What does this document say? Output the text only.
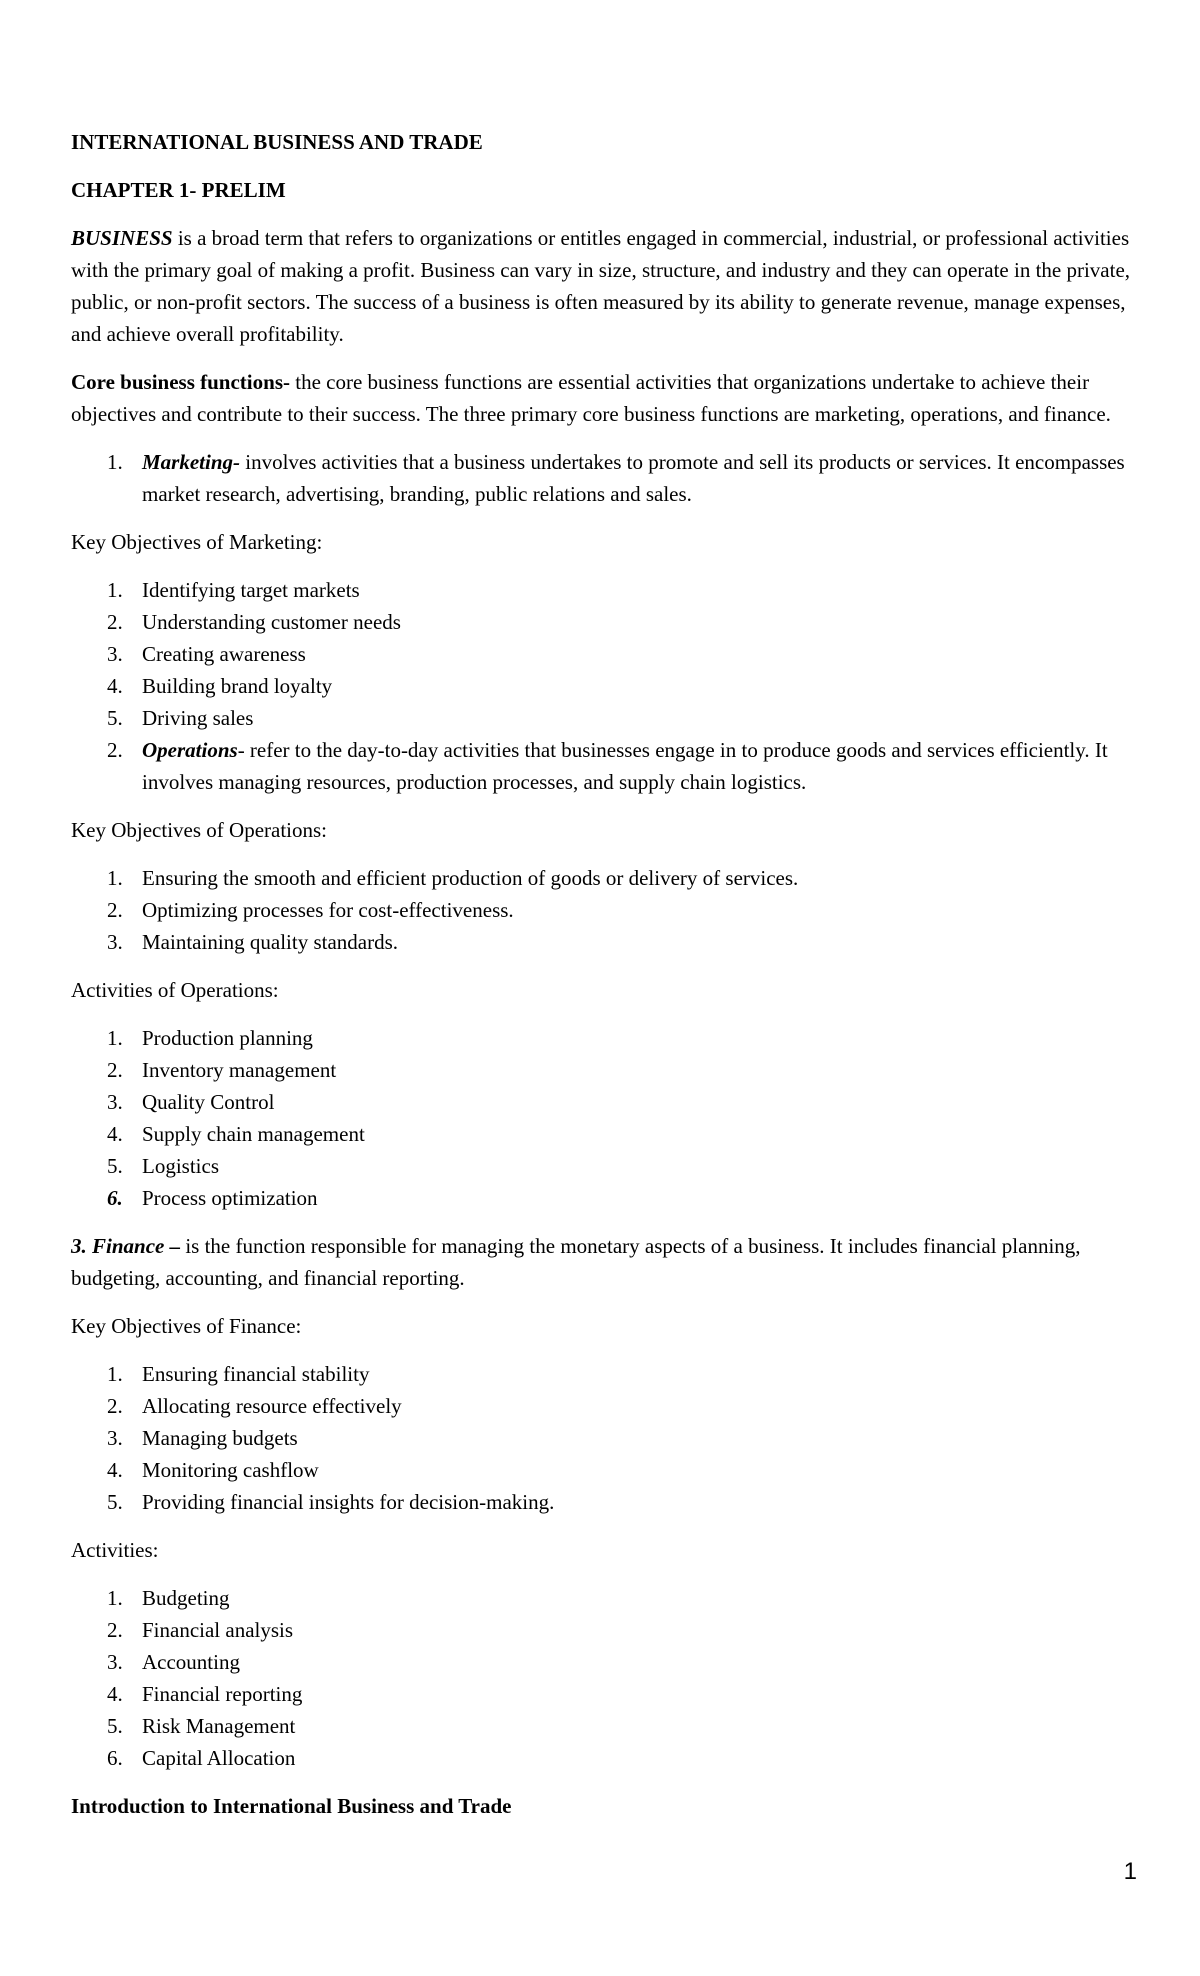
INTERNATIONAL BUSINESS AND TRADE
CHAPTER 1- PRELIM

BUSINESS is a broad term that refers to organizations or entitles engaged in commercial, industrial, or professional activities with the primary goal of making a profit. Business can vary in size, structure, and industry and they can operate in the private, public, or non-profit sectors. The success of a business is often measured by its ability to generate revenue, manage expenses, and achieve overall profitability.

Core business functions- the core business functions are essential activities that organizations undertake to achieve their objectives and contribute to their success. The three primary core business functions are marketing, operations, and finance.

1. Marketing- involves activities that a business undertakes to promote and sell its products or services. It encompasses market research, advertising, branding, public relations and sales.

Key Objectives of Marketing:

1. Identifying target markets
2. Understanding customer needs
3. Creating awareness
4. Building brand loyalty
5. Driving sales
2. Operations- refer to the day-to-day activities that businesses engage in to produce goods and services efficiently. It involves managing resources, production processes, and supply chain logistics.

Key Objectives of Operations:

1. Ensuring the smooth and efficient production of goods or delivery of services.
2. Optimizing processes for cost-effectiveness.
3. Maintaining quality standards.

Activities of Operations:

1. Production planning
2. Inventory management
3. Quality Control
4. Supply chain management
5. Logistics
6. Process optimization

3. Finance – is the function responsible for managing the monetary aspects of a business. It includes financial planning, budgeting, accounting, and financial reporting.

Key Objectives of Finance:

1. Ensuring financial stability
2. Allocating resource effectively
3. Managing budgets
4. Monitoring cashflow
5. Providing financial insights for decision-making.

Activities:

1. Budgeting
2. Financial analysis
3. Accounting
4. Financial reporting
5. Risk Management
6. Capital Allocation
Introduction to International Business and Trade
1
